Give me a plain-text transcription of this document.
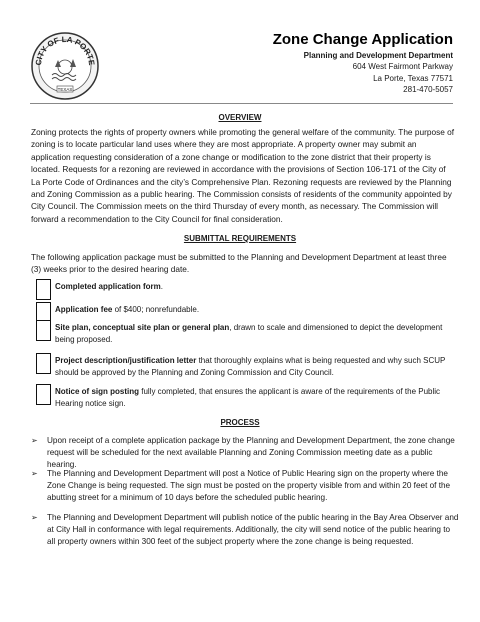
CITY OF LA PORTE
TEXAS
Zone Change Application
Planning and Development Department
604 West Fairmont Parkway
La Porte, Texas 77571
281-470-5057
OVERVIEW
Zoning protects the rights of property owners while promoting the general welfare of the community. The purpose of zoning is to locate particular land uses where they are most appropriate. A property owner may submit an application requesting consideration of a zone change or modification to the zone district that their property is located. Requests for a rezoning are reviewed in accordance with the provisions of Section 106-171 of the City of La Porte Code of Ordinances and the city’s Comprehensive Plan. Rezoning requests are reviewed by the Planning and Zoning Commission as a public hearing. The Commission consists of residents of the community appointed by City Council. The Commission meets on the third Thursday of every month, as necessary. The Commission will forward a recommendation to the City Council for final consideration.
SUBMITTAL REQUIREMENTS
The following application package must be submitted to the Planning and Development Department at least three (3) weeks prior to the desired hearing date.
Completed application form.
Application fee of $400; nonrefundable.
Site plan, conceptual site plan or general plan, drawn to scale and dimensioned to depict the development being proposed.
Project description/justification letter that thoroughly explains what is being requested and why such SCUP should be approved by the Planning and Zoning Commission and City Council.
Notice of sign posting fully completed, that ensures the applicant is aware of the requirements of the Public Hearing notice sign.
PROCESS
➢ Upon receipt of a complete application package by the Planning and Development Department, the zone change request will be scheduled for the next available Planning and Zoning Commission meeting date as a public hearing.
➢ The Planning and Development Department will post a Notice of Public Hearing sign on the property where the Zone Change is being requested. The sign must be posted on the property visible from and within 20 feet of the abutting street for a minimum of 10 days before the scheduled public hearing.
➢ The Planning and Development Department will publish notice of the public hearing in the Bay Area Observer and at City Hall in conformance with legal requirements. Additionally, the city will send notice of the public hearing to all property owners within 300 feet of the subject property where the zone change is being requested.
